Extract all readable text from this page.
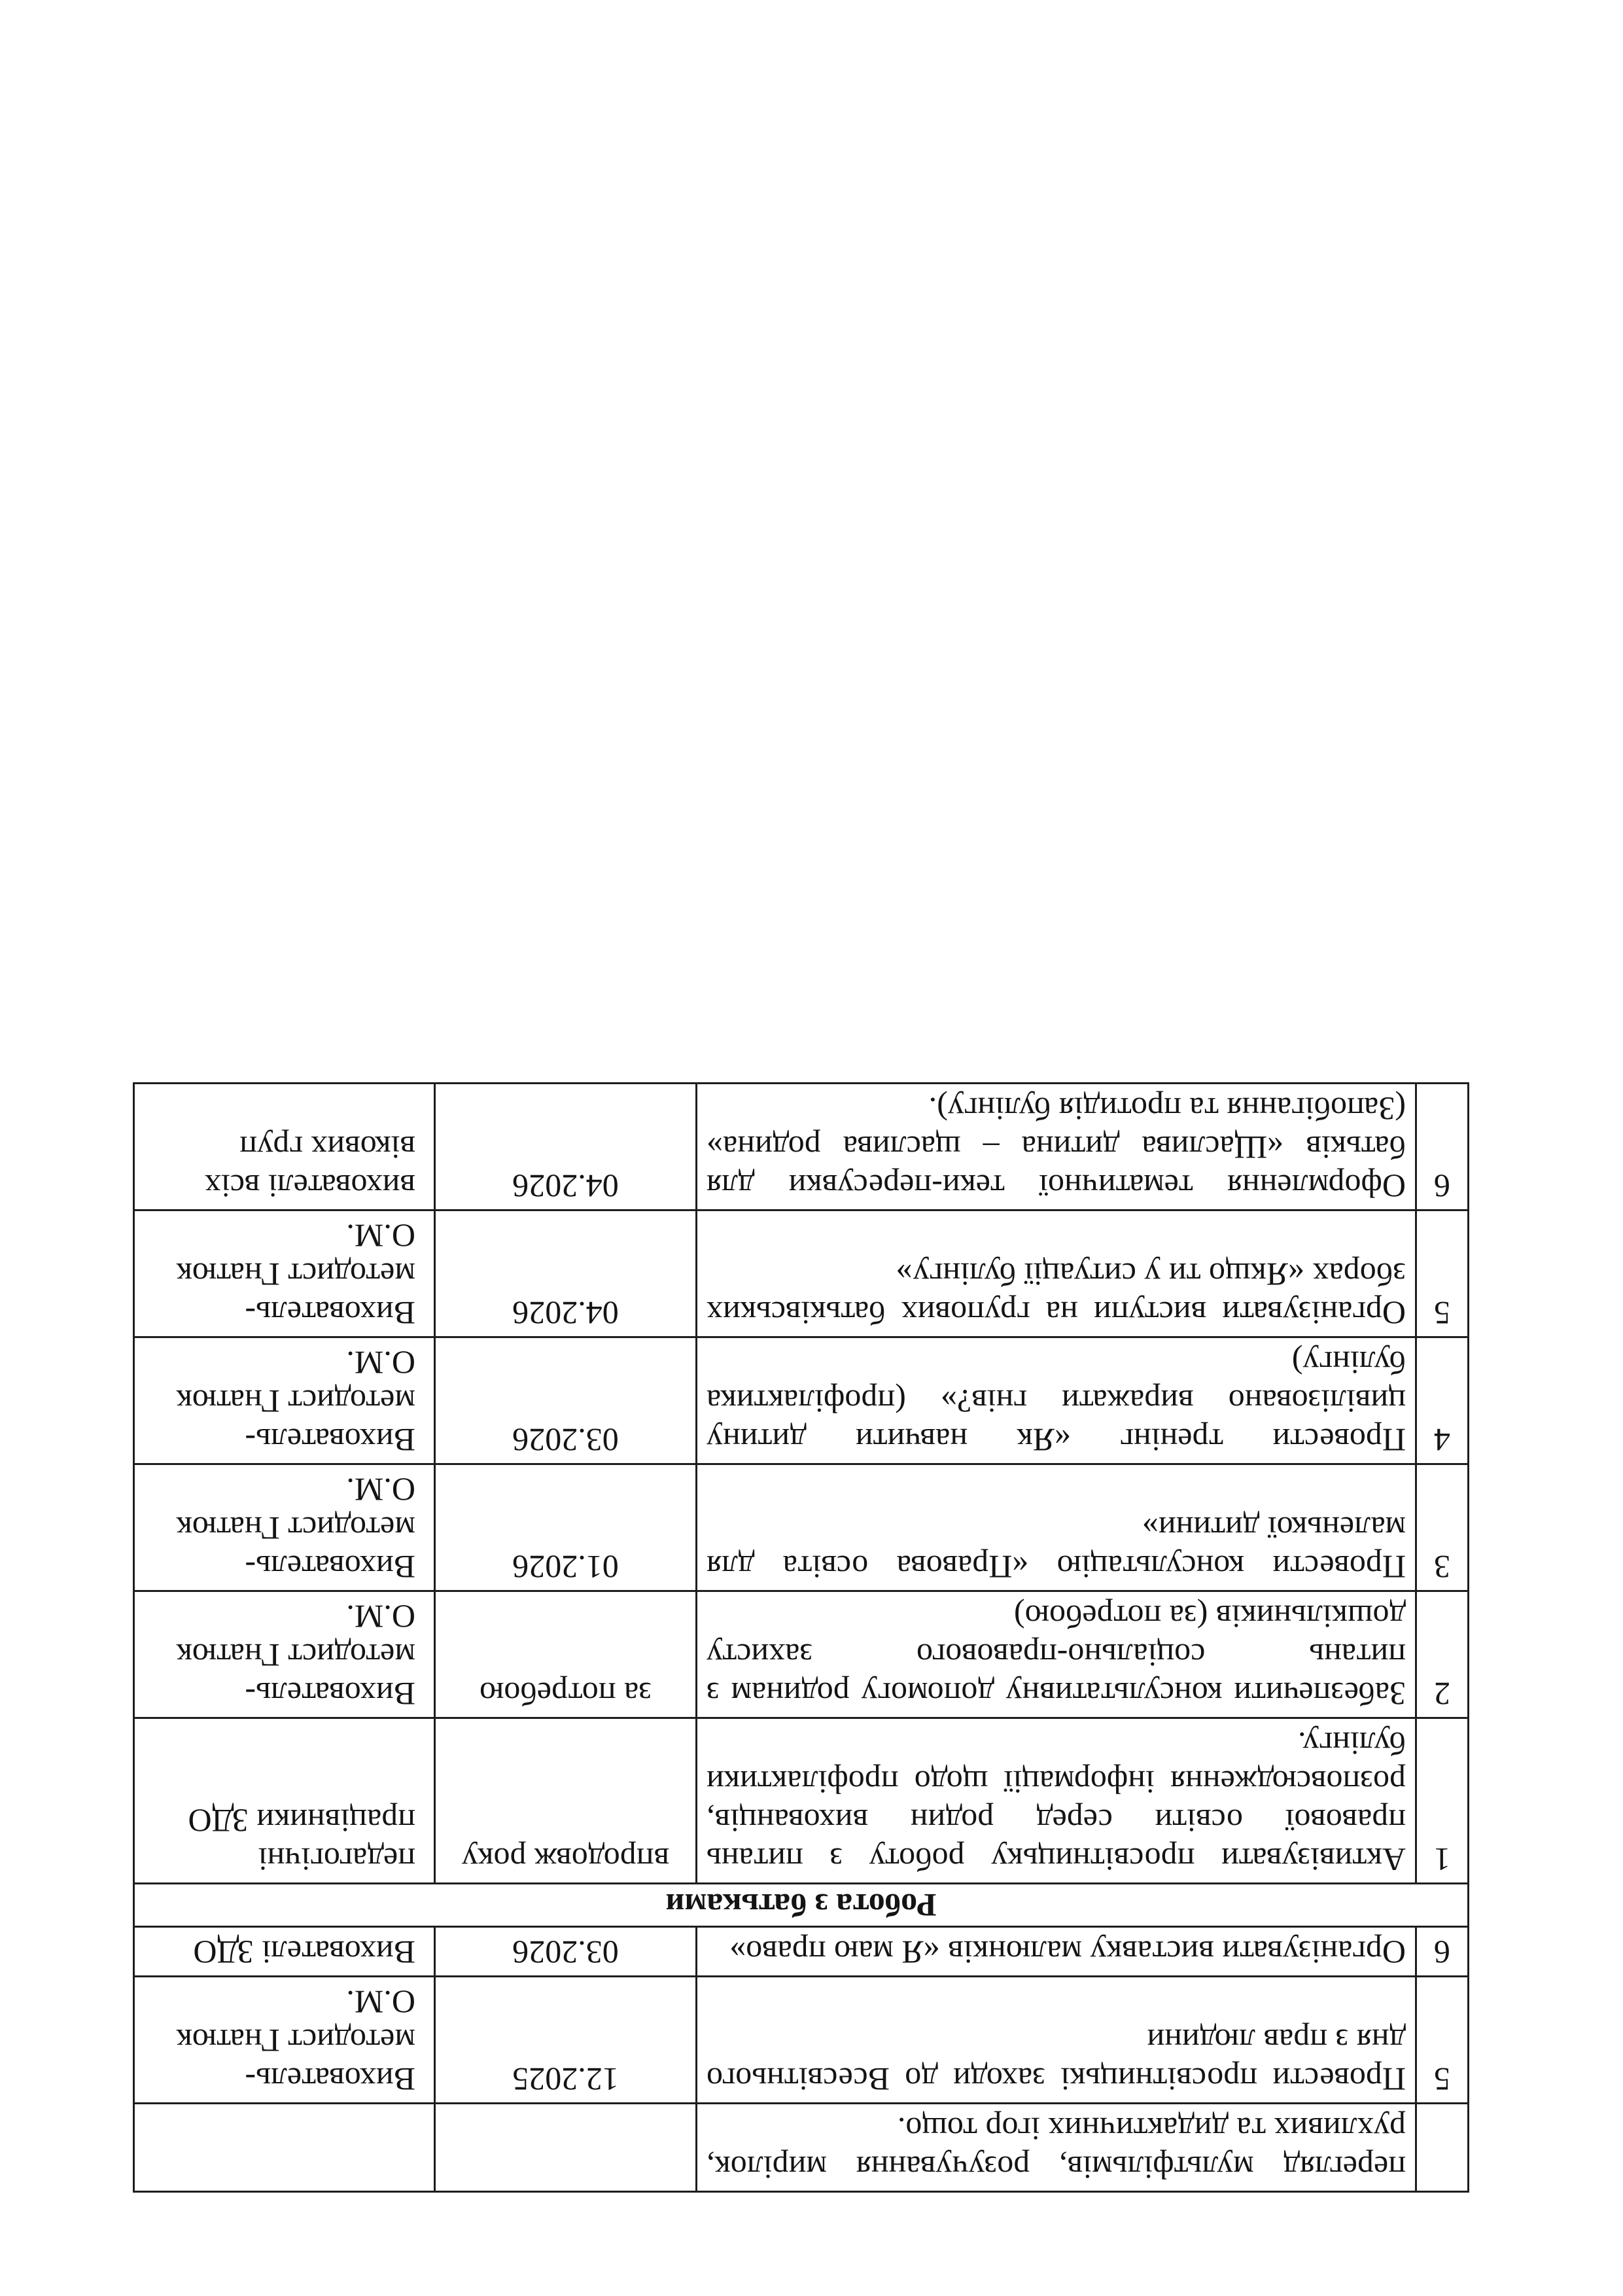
	перегляд мультфільмів, розучування мирілок, рухливих та дидактичних ігор тощо.		
5	Провести просвітницькі заходи до Всесвітнього дня з прав людини	12.2025	Вихователь-методист Гнатюк О.М.
6	Організувати виставку малюнків «Я маю право»	03.2026	Вихователі ЗДО
Робота з батьками			
1	Активізувати просвітницьку роботу з питань правової освіти серед родин вихованців, розповсюдження інформації щодо профілактики булінгу.	впродовж року	педагогічні працівники ЗДО
2	Забезпечити консультативну допомогу родинам з питань соціально-правового захисту дошкільників (за потребою)	за потребою	Вихователь-методист Гнатюк О.М.
3	Провести консультацію «Правова освіта для маленької дитини»	01.2026	Вихователь-методист Гнатюк О.М.
4	Провести тренінг «Як навчити дитину цивілізовано виражати гнів?» (профілактика булінгу)	03.2026	Вихователь-методист Гнатюк О.М.
5	Організувати виступи на групових батьківських зборах «Якщо ти у ситуації булінгу»	04.2026	Вихователь-методист Гнатюк О.М.
6	Оформлення тематичної теки-пересувки для батьків «Щаслива дитина – щаслива родина» (Запобігання та протидія булінгу).	04.2026	вихователі всіх вікових груп
